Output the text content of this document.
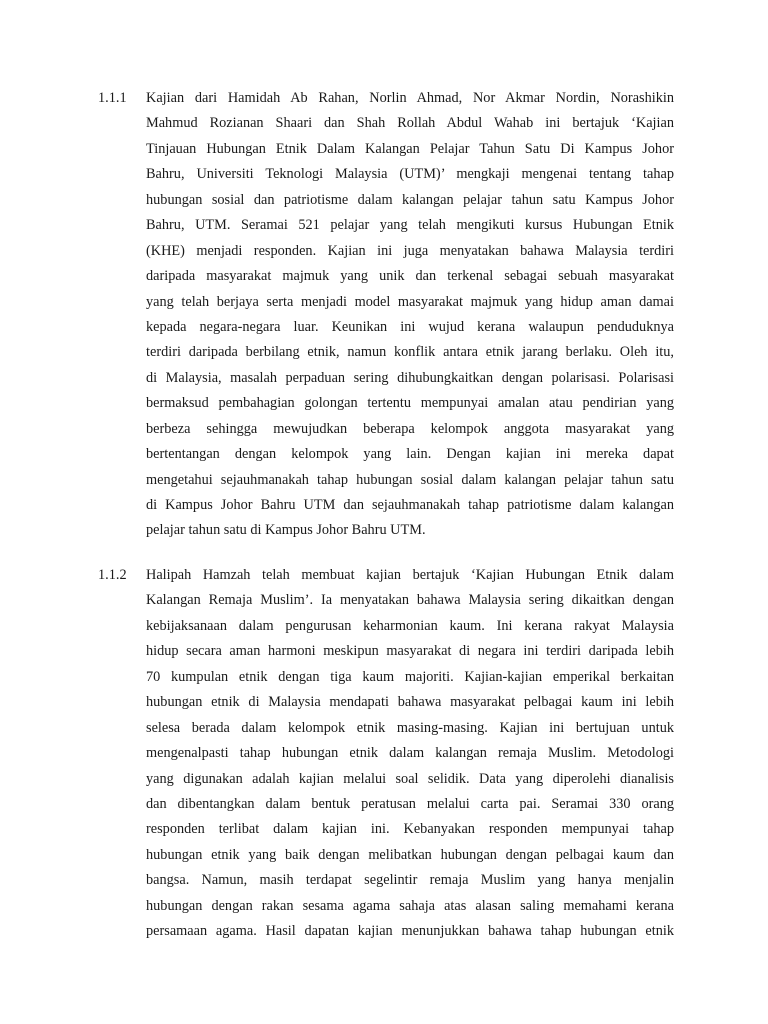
1.1.1 Kajian dari Hamidah Ab Rahan, Norlin Ahmad, Nor Akmar Nordin, Norashikin
Mahmud Rozianan Shaari dan Shah Rollah Abdul Wahab ini bertajuk ‘Kajian
Tinjauan Hubungan Etnik Dalam Kalangan Pelajar Tahun Satu Di Kampus Johor
Bahru, Universiti Teknologi Malaysia (UTM)’ mengkaji mengenai tentang tahap
hubungan sosial dan patriotisme dalam kalangan pelajar tahun satu Kampus Johor
Bahru, UTM. Seramai 521 pelajar yang telah mengikuti kursus Hubungan Etnik
(KHE) menjadi responden. Kajian ini juga menyatakan bahawa Malaysia terdiri
daripada masyarakat majmuk yang unik dan terkenal sebagai sebuah masyarakat
yang telah berjaya serta menjadi model masyarakat majmuk yang hidup aman damai
kepada negara-negara luar. Keunikan ini wujud kerana walaupun penduduknya
terdiri daripada berbilang etnik, namun konflik antara etnik jarang berlaku. Oleh itu,
di Malaysia, masalah perpaduan sering dihubungkaitkan dengan polarisasi. Polarisasi
bermaksud pembahagian golongan tertentu mempunyai amalan atau pendirian yang
berbeza sehingga mewujudkan beberapa kelompok anggota masyarakat yang
bertentangan dengan kelompok yang lain. Dengan kajian ini mereka dapat
mengetahui sejauhmanakah tahap hubungan sosial dalam kalangan pelajar tahun satu
di Kampus Johor Bahru UTM dan sejauhmanakah tahap patriotisme dalam kalangan
pelajar tahun satu di Kampus Johor Bahru UTM.
1.1.2 Halipah Hamzah telah membuat kajian bertajuk ‘Kajian Hubungan Etnik dalam
Kalangan Remaja Muslim’. Ia menyatakan bahawa Malaysia sering dikaitkan dengan
kebijaksanaan dalam pengurusan keharmonian kaum. Ini kerana rakyat Malaysia
hidup secara aman harmoni meskipun masyarakat di negara ini terdiri daripada lebih
70 kumpulan etnik dengan tiga kaum majoriti. Kajian-kajian emperikal berkaitan
hubungan etnik di Malaysia mendapati bahawa masyarakat pelbagai kaum ini lebih
selesa berada dalam kelompok etnik masing-masing. Kajian ini bertujuan untuk
mengenalpasti tahap hubungan etnik dalam kalangan remaja Muslim. Metodologi
yang digunakan adalah kajian melalui soal selidik. Data yang diperolehi dianalisis
dan dibentangkan dalam bentuk peratusan melalui carta pai. Seramai 330 orang
responden terlibat dalam kajian ini. Kebanyakan responden mempunyai tahap
hubungan etnik yang baik dengan melibatkan hubungan dengan pelbagai kaum dan
bangsa. Namun, masih terdapat segelintir remaja Muslim yang hanya menjalin
hubungan dengan rakan sesama agama sahaja atas alasan saling memahami kerana
persamaan agama. Hasil dapatan kajian menunjukkan bahawa tahap hubungan etnik
